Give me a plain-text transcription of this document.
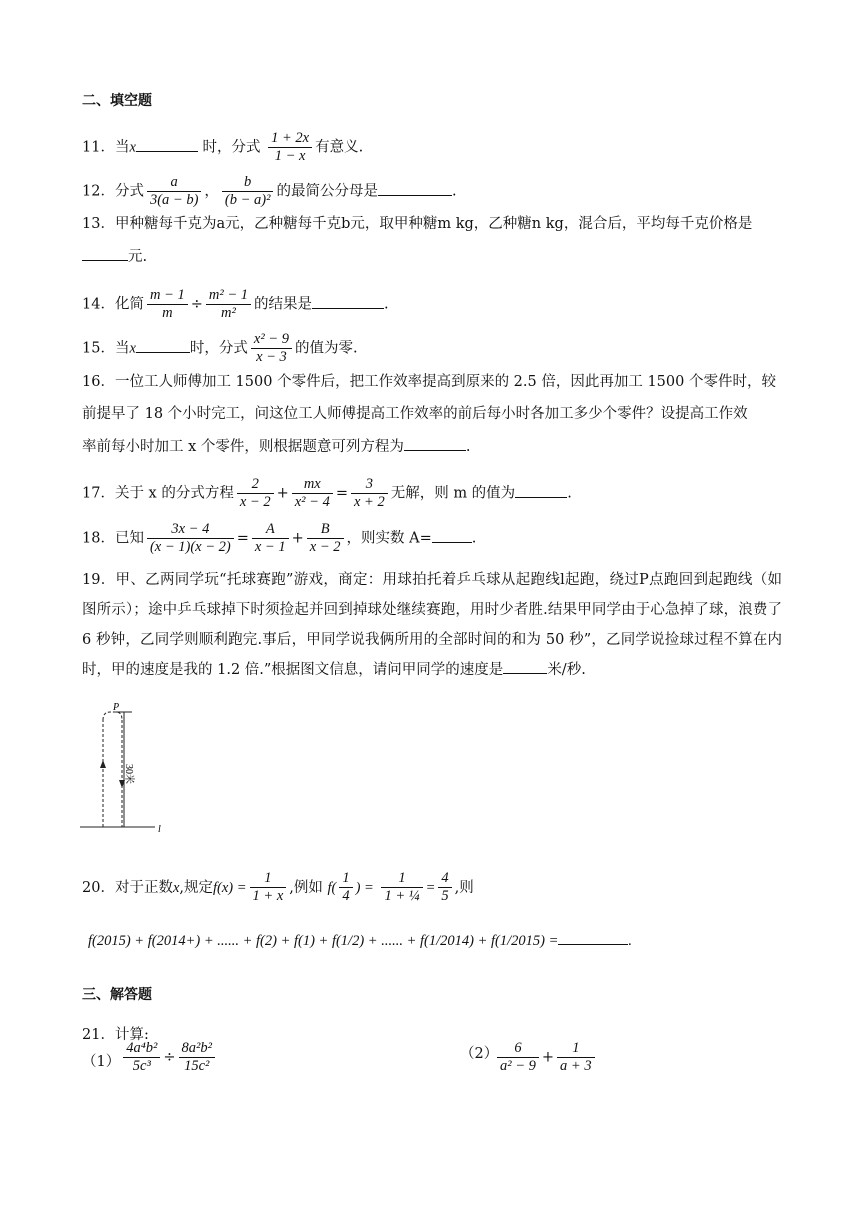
二、填空题
11．当x	时，分式 $\frac{1 + 2x}{1 - x}$ 有意义.
12．分式 $\frac{a}{3(a - b)}$ ， $\frac{b}{\text{(b − a)²}}$ 的最简公分母是	.
13．甲种糖每千克为a元，乙种糖每千克b元，取甲种糖m kg，乙种糖n kg，混合后，平均每千克价格是
元.
14．化简 $\frac{m - 1}{m} \div \frac{\text{m² − 1}}{\text{m²}}$ 的结果是	.
15．当x	时，分式 $\frac{\text{x² − 9}}{x - 3}$ 的值为零.
16．一位工人师傅加工 1500 个零件后，把工作效率提高到原来的 2.5 倍，因此再加工 1500 个零件时，较
前提早了 18 个小时完工，问这位工人师傅提高工作效率的前后每小时各加工多少个零件？设提高工作效
率前每小时加工 x 个零件，则根据题意可列方程为	.
17．关于 x 的分式方程 $\frac{2}{x - 2} + \frac{mx}{\text{x² − 4}} = \frac{3}{x + 2}$ 无解，则 m 的值为	.
18．已知 $\frac{3x - 4}{(x - 1)(x - 2)} = \frac{A}{x - 1} + \frac{B}{x - 2}$ ，则实数 A=	.
19．甲、乙两同学玩“托球赛跑”游戏，商定：用球拍托着乒乓球从起跑线l起跑，绕过P点跑回到起跑线（如图所示）；途中乒乓球掉下时须捡起并回到掉球处继续赛跑，用时少者胜.结果甲同学由于心急掉了球，浪费了 6 秒钟，乙同学则顺利跑完.事后，甲同学说我俩所用的全部时间的和为 50 秒”，乙同学说捡球过程不算在内时，甲的速度是我的 1.2 倍.”根据图文信息，请问甲同学的速度是	米/秒.
P
l
30米
20．对于正数x,规定$f(x) = \frac{1}{1 + x}$ ,例如 $f( \frac{1}{4}$ ) = $\frac{1}{\text{1 + ¼}} = \frac{4}{5}$ ,则
f(2015) + f(2014+) + ...... + f(2) + f(1) + f(1/2) + ...... + f(1/2014) + f(1/2015) =	.
三、解答题
21．计算:
$(1) \frac{\text{4a⁴b²}}{\text{5c³}} \div \frac{\text{8a²b²}}{\text{15c²}}$	（2）
$\frac{6}{\text{a² − 9}} + \frac{1}{a + 3}$
